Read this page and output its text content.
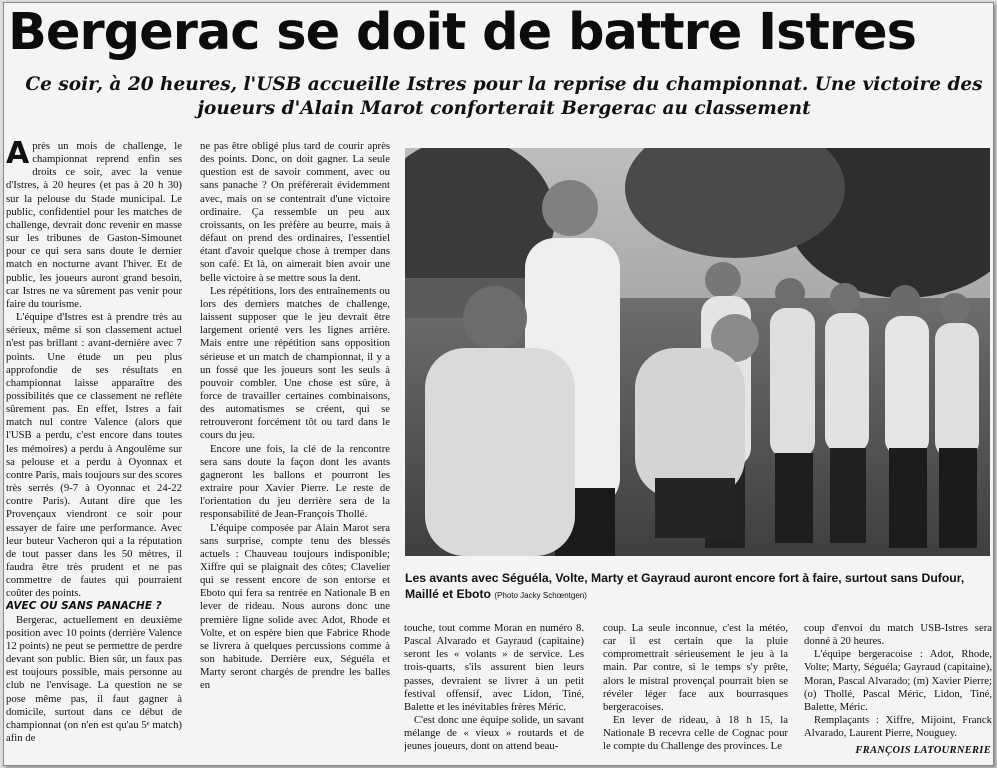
Bergerac se doit de battre Istres
Ce soir, à 20 heures, l'USB accueille Istres pour la reprise du championnat. Une victoire des joueurs d'Alain Marot conforterait Bergerac au classement

Après un mois de challenge, le championnat reprend enfin ses droits ce soir, avec la venue d'Istres, à 20 heures (et pas à 20 h 30) sur la pelouse du Stade municipal. Le public, confidentiel pour les matches de challenge, devrait donc revenir en masse sur les tribunes de Gaston-Simounet pour ce qui sera sans doute le dernier match en nocturne avant l'hiver. Et de public, les joueurs auront grand besoin, car Istres ne va sûrement pas venir pour faire du tourisme.

L'équipe d'Istres est à prendre très au sérieux, même si son classement actuel n'est pas brillant : avant-dernière avec 7 points. Une étude un peu plus approfondie de ses résultats en championnat laisse apparaître des possibilités que ce classement ne reflète sûrement pas. En effet, Istres a fait match nul contre Valence (alors que l'USB a perdu, c'est encore dans toutes les mémoires) a perdu à Angoulême sur sa pelouse et a perdu à Oyonnax et contre Paris, mais toujours sur des scores très serrés (9-7 à Oyonnac et 24-22 contre Paris). Autant dire que les Provençaux viendront ce soir pour essayer de faire une performance. Avec leur buteur Vacheron qui a la réputation de tout passer dans les 50 mètres, il faudra être très prudent et ne pas commettre de fautes qui pourraient coûter des points.

AVEC OU SANS PANACHE ?

Bergerac, actuellement en deuxième position avec 10 points (derrière Valence 12 points) ne peut se permettre de perdre devant son public. Bien sûr, un faux pas est toujours possible, mais personne au club ne l'envisage. La question ne se pose même pas, il faut gagner à domicile, surtout dans ce début de championnat (on n'en est qu'au 5ᵉ match) afin de

ne pas être obligé plus tard de courir après des points. Donc, on doit gagner. La seule question est de savoir comment, avec ou sans panache ? On préférerait évidemment avec, mais on se contentrait d'une victoire ordinaire. Ça ressemble un peu aux croissants, on les préfère au beurre, mais à défaut on prend des ordinaires, l'essentiel étant d'avoir quelque chose à tremper dans son café. Et là, on aimerait bien avoir une belle victoire à se mettre sous la dent.

Les répétitions, lors des entraînements ou lors des derniers matches de challenge, laissent supposer que le jeu devrait être largement orienté vers les lignes arrière. Mais entre une répétition sans opposition sérieuse et un match de championnat, il y a un fossé que les joueurs sont les seuls à pouvoir combler. Une chose est sûre, à force de travailler certaines combinaisons, des automatismes se créent, qui se retrouveront forcément tôt ou tard dans le cours du jeu.

Encore une fois, la clé de la rencontre sera sans doute la façon dont les avants gagneront les ballons et pourront les extraire pour Xavier Pierre. Le reste de l'orientation du jeu derrière sera de la responsabilité de Jean-François Thollé.

L'équipe composée par Alain Marot sera sans surprise, compte tenu des blessés actuels : Chauveau toujours indisponible; Xiffre qui se plaignait des côtes; Clavelier qui se ressent encore de son entorse et Eboto qui fera sa rentrée en Nationale B en lever de rideau. Nous aurons donc une première ligne solide avec Adot, Rhode et Volte, et on espère bien que Fabrice Rhode se livrera à quelques percussions comme à son habitude. Derrière eux, Séguéla et Marty seront chargés de prendre les balles en

Les avants avec Séguéla, Volte, Marty et Gayraud auront encore fort à faire, surtout sans Dufour, Maillé et Eboto (Photo Jacky Schœntgen)

touche, tout comme Moran en numéro 8. Pascal Alvarado et Gayraud (capitaine) seront les « volants » de service. Les trois-quarts, s'ils assurent bien leurs passes, devraient se livrer à un petit festival offensif, avec Lidon, Tiné, Balette et les inévitables frères Méric.

C'est donc une équipe solide, un savant mélange de « vieux » routards et de jeunes joueurs, dont on attend beau-

coup. La seule inconnue, c'est la météo, car il est certain que la pluie compromettrait sérieusement le jeu à la main. Par contre, si le temps s'y prête, alors le mistral provençal pourrait bien se révéler léger face aux bourrasques bergeracoises.

En lever de rideau, à 18 h 15, la Nationale B recevra celle de Cognac pour le compte du Challenge des provinces. Le

coup d'envoi du match USB-Istres sera donné à 20 heures.

L'équipe bergeracoise : Adot, Rhode, Volte; Marty, Séguéla; Gayraud (capitaine), Moran, Pascal Alvarado; (m) Xavier Pierre; (o) Thollé, Pascal Méric, Lidon, Tiné, Balette, Méric.

Remplaçants : Xiffre, Mijoint, Franck Alvarado, Laurent Pierre, Nouguey.

FRANÇOIS LATOURNERIE
